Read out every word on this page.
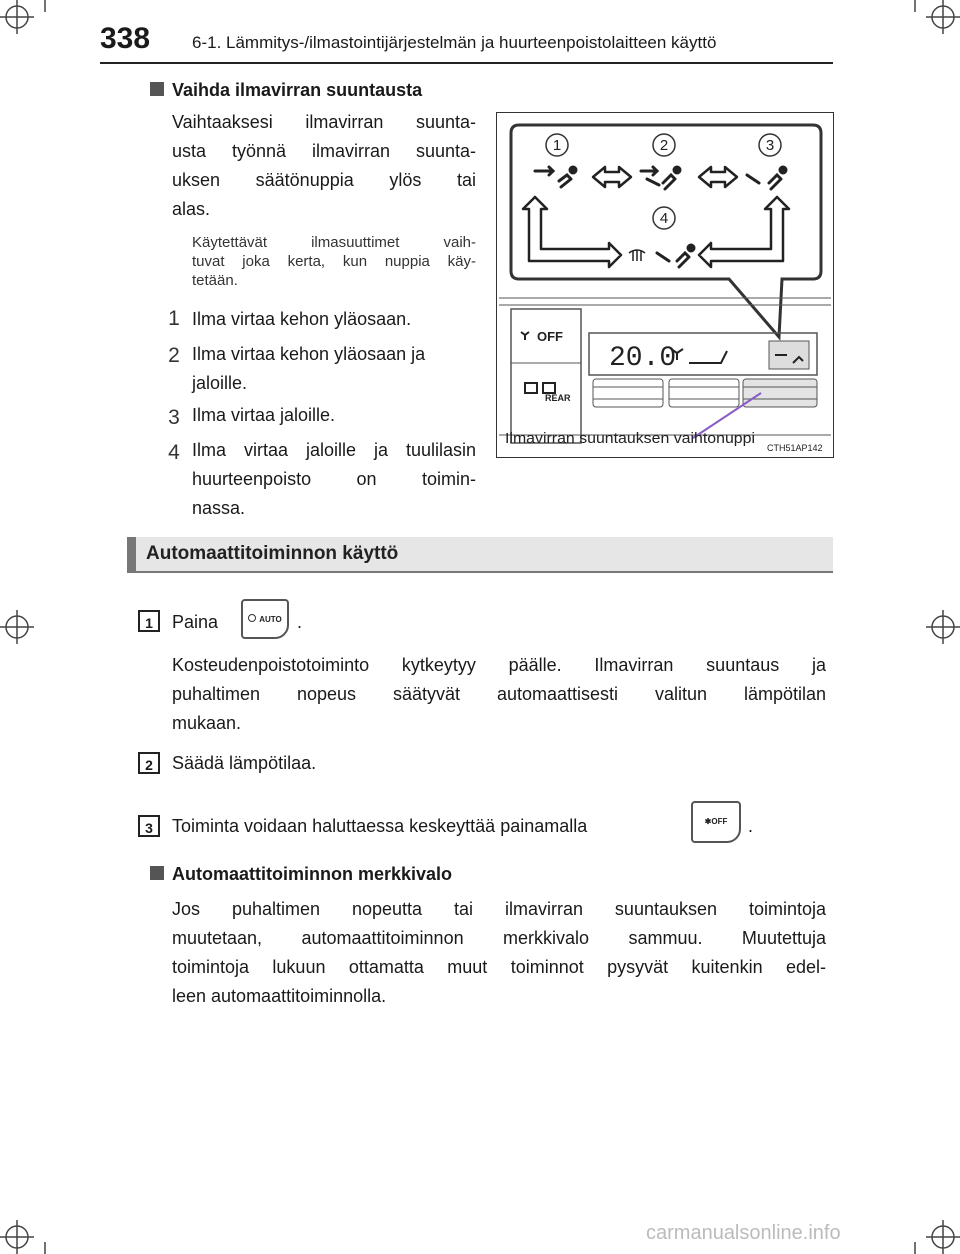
338 6-1. Lämmitys-/ilmastointijärjestelmän ja huurteenpoistolaitteen käyttö
Vaihda ilmavirran suuntausta
Vaihtaaksesi ilmavirran suunta-
usta työnnä ilmavirran suunta-
uksen säätönuppia ylös tai
alas.
Käytettävät ilmasuuttimet vaih-
tuvat joka kerta, kun nuppia käy-
tetään.
1 Ilma virtaa kehon yläosaan.
2 Ilma virtaa kehon yläosaan ja
jaloille.
3 Ilma virtaa jaloille.
4 Ilma virtaa jaloille ja tuulilasin
huurteenpoisto on toimin-
nassa.
1	2	3
4
OFF
REAR
20.0
Ilmavirran suuntauksen vaihtonuppi
CTH51AP142
Automaattitoiminnon käyttö
1	Paina	AUTO .
Kosteudenpoistotoiminto kytkeytyy päälle. Ilmavirran suuntaus ja
puhaltimen nopeus säätyvät automaattisesti valitun lämpötilan
mukaan.
2	Säädä lämpötilaa.
3	Toiminta voidaan haluttaessa keskeyttää painamalla	✱OFF	.
Automaattitoiminnon merkkivalo
Jos puhaltimen nopeutta tai ilmavirran suuntauksen toimintoja
muutetaan, automaattitoiminnon merkkivalo sammuu. Muutettuja
toimintoja lukuun ottamatta muut toiminnot pysyvät kuitenkin edel-
leen automaattitoiminnolla.
carmanualsonline.info
